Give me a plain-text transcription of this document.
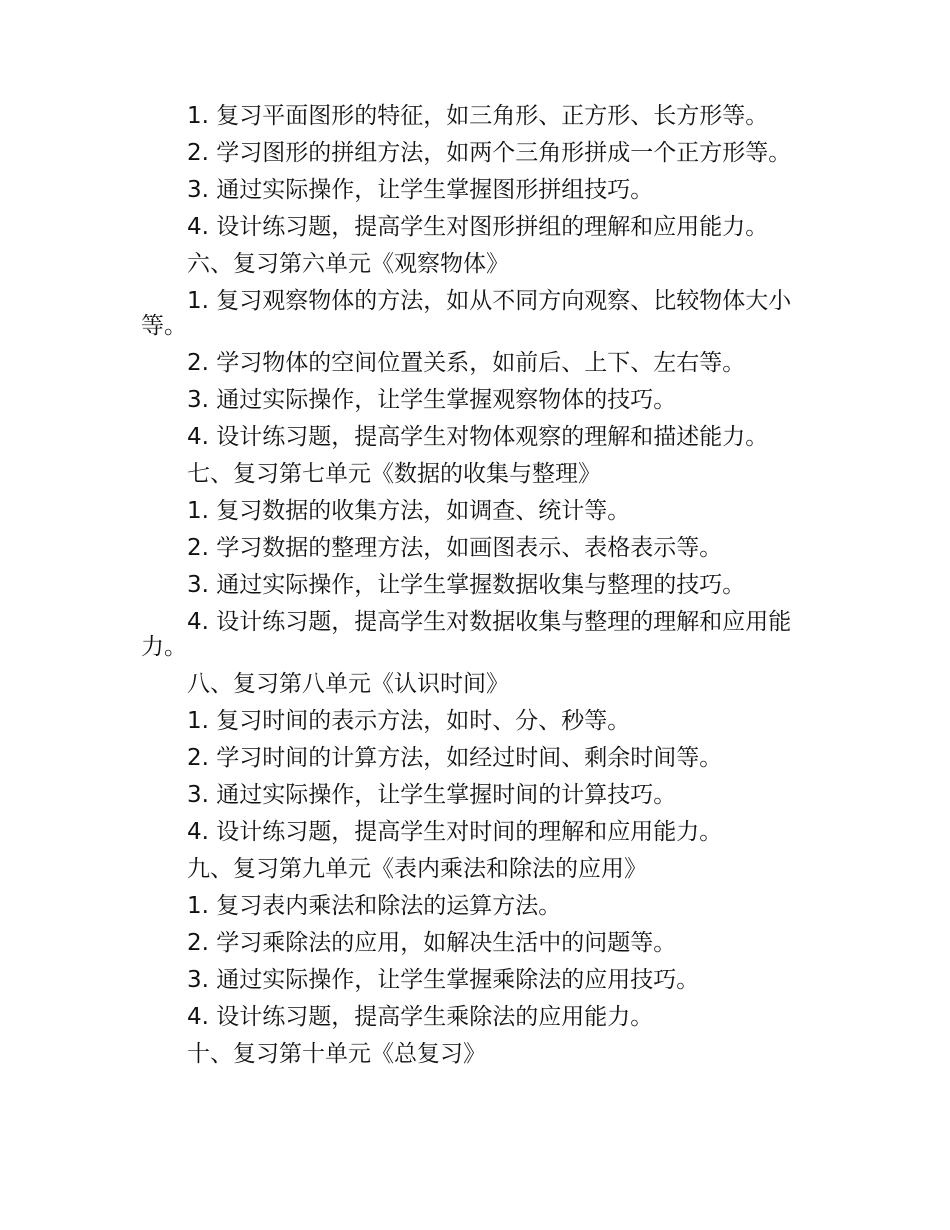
1. 复习平面图形的特征，如三角形、正方形、长方形等。

2. 学习图形的拼组方法，如两个三角形拼成一个正方形等。

3. 通过实际操作，让学生掌握图形拼组技巧。

4. 设计练习题，提高学生对图形拼组的理解和应用能力。

六、复习第六单元《观察物体》

1. 复习观察物体的方法，如从不同方向观察、比较物体大小等。

2. 学习物体的空间位置关系，如前后、上下、左右等。

3. 通过实际操作，让学生掌握观察物体的技巧。

4. 设计练习题，提高学生对物体观察的理解和描述能力。

七、复习第七单元《数据的收集与整理》

1. 复习数据的收集方法，如调查、统计等。

2. 学习数据的整理方法，如画图表示、表格表示等。

3. 通过实际操作，让学生掌握数据收集与整理的技巧。

4. 设计练习题，提高学生对数据收集与整理的理解和应用能力。

八、复习第八单元《认识时间》

1. 复习时间的表示方法，如时、分、秒等。

2. 学习时间的计算方法，如经过时间、剩余时间等。

3. 通过实际操作，让学生掌握时间的计算技巧。

4. 设计练习题，提高学生对时间的理解和应用能力。

九、复习第九单元《表内乘法和除法的应用》

1. 复习表内乘法和除法的运算方法。

2. 学习乘除法的应用，如解决生活中的问题等。

3. 通过实际操作，让学生掌握乘除法的应用技巧。

4. 设计练习题，提高学生乘除法的应用能力。

十、复习第十单元《总复习》
